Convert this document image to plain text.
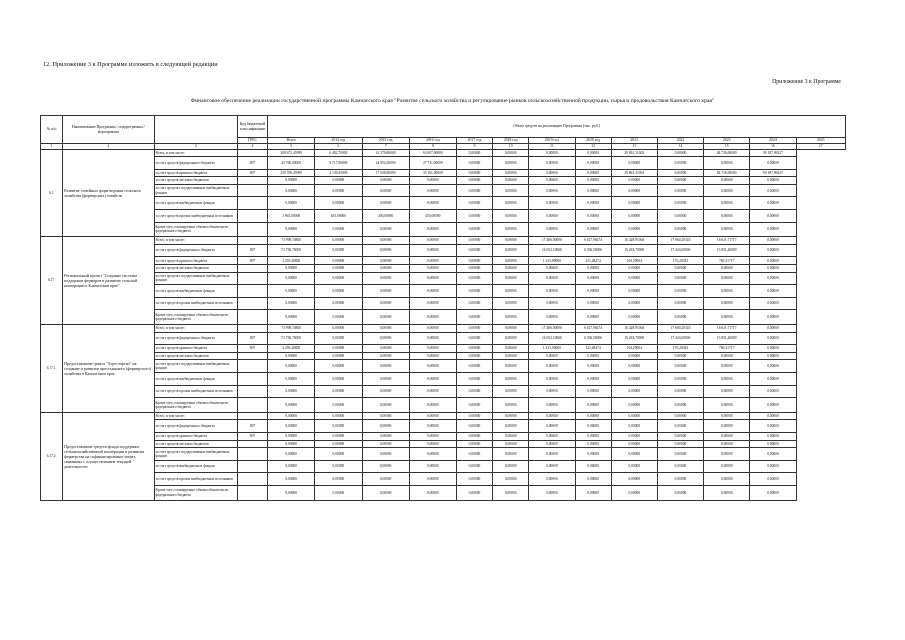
12. Приложение 3 к Программе изложить в следующей редакции
Приложение 3 к Программе
Финансовое обеспечение реализации государственной программы Камчатского края "Развитие сельского хозяйства и регулирование рынков сельскохозяйственной продукции, сырья и продовольствия Камчатского края"
№ п/п	Наименование Программы / подпрограммы / мероприятия		Код бюджетной классификации	Объем средств на реализацию Программы (тыс. руб.)												
			ГРБС	Всего	2014 год	2015 год	2016 год	2017 год	2018 год	2019 год	2020 год	2021	2022	2023	2024	2025
1	2	3	4	5	6	7	8	9	10	11	12	13	14	15	16	17
6.1.	Развитие семейных форм ведения сельского хозяйства (фермерских) хозяйств	Всего, в том числе:		309 672,45999	6 482,70000	41 579,80000	63 697,00000	0,00000	0,00000	0,00000	0,00000	29 861,31002	0,00000	84 726,00000	90 187,99227	
		за счет средств федерального бюджета	807	43 760,00000	3 717,00000	24 852,00000	27 711,00000	0,00000	0,00000	0,00000	0,00000	0,00000	0,00000	0,00000	0,00000	
		за счет средств краевого бюджета	807	250 706,45999	2 130,45000	17 928,80000	35 161,00000	0,00000	0,00000	0,00000	0,00000	29 861,31002	0,00000	84 726,00000	90 187,99227	
		за счет средств местных бюджетов		0,00000	0,00000	0,00000	0,00000	0,00000	0,00000	0,00000	0,00000	0,00000	0,00000	0,00000	0,00000	
		за счет средств государственных внебюджетных фондов		0,00000	0,00000	0,00000	0,00000	0,00000	0,00000	0,00000	0,00000	0,00000	0,00000	0,00000	0,00000	
		за счет средств внебюджетных фондов		0,00000	0,00000	0,00000	0,00000	0,00000	0,00000	0,00000	0,00000	0,00000	0,00000	0,00000	0,00000	
		за счет средств прочих внебюджетных источников		1 965,00000	635,00000	400,00000	450,00000	0,00000	0,00000	0,00000	0,00000	0,00000	0,00000	0,00000	0,00000	
		Кроме того, планируемые объемы обязательств федерального бюджета		0,00000	0,00000	0,00000	0,00000	0,00000	0,00000	0,00000	0,00000	0,00000	0,00000	0,00000	0,00000	
6.17.	Региональный проект "Создание системы поддержки фермеров и развитие сельской кооперации в Камчатском крае"	Всего, в том числе:		73 998,10800	0,00000	0,00000	0,00000	0,00000	0,00000	17 466,00000	6 627,98474	16 428,91004	17 860,20343	16 611,71717	0,00000	
		за счет средств федерального бюджета	807	71 738,70000	0,00000	0,00000	0,00000	0,00000	0,00000	16 052,10000	6 306,50000	16 263,70000	17 424,00000	15 851,40000	0,00000	
		за счет средств краевого бюджета	807	2 259,40800	0,00000	0,00000	0,00000	0,00000	0,00000	1 413,90000	321,48474	164,29004	176,20343	760,31717	0,00000	
		за счет средств местных бюджетов		0,00000	0,00000	0,00000	0,00000	0,00000	0,00000	0,00000	0,00000	0,00000	0,00000	0,00000	0,00000	
		за счет средств государственных внебюджетных фондов		0,00000	0,00000	0,00000	0,00000	0,00000	0,00000	0,00000	0,00000	0,00000	0,00000	0,00000	0,00000	
		за счет средств внебюджетных фондов		0,00000	0,00000	0,00000	0,00000	0,00000	0,00000	0,00000	0,00000	0,00000	0,00000	0,00000	0,00000	
		за счет средств прочих внебюджетных источников		0,00000	0,00000	0,00000	0,00000	0,00000	0,00000	0,00000	0,00000	0,00000	0,00000	0,00000	0,00000	
		Кроме того, планируемые объемы обязательств федерального бюджета		0,00000	0,00000	0,00000	0,00000	0,00000	0,00000	0,00000	0,00000	0,00000	0,00000	0,00000	0,00000	
6.17.1.	Предоставление гранта "Агростартап" на создание и развитие крестьянского (фермерского) хозяйства в Камчатском крае	Всего, в том числе:		73 998,10800	0,00000	0,00000	0,00000	0,00000	0,00000	17 466,00000	6 627,98474	16 428,91004	17 600,20343	16 611,71717	0,00000	
		за счет средств федерального бюджета	807	71 738,70000	0,00000	0,00000	0,00000	0,00000	0,00000	16 052,10000	6 306,50000	16 263,70000	17 424,00000	15 851,40000	0,00000	
		за счет средств краевого бюджета	807	2 259,40800	0,00000	0,00000	0,00000	0,00000	0,00000	1 413,90000	321,48474	164,29004	176,20343	760,31717	0,00000	
		за счет средств местных бюджетов		0,00000	0,00000	0,00000	0,00000	0,00000	0,00000	0,00000	0,00000	0,00000	0,00000	0,00000	0,00000	
		за счет средств государственных внебюджетных фондов		0,00000	0,00000	0,00000	0,00000	0,00000	0,00000	0,00000	0,00000	0,00000	0,00000	0,00000	0,00000	
		за счет средств внебюджетных фондов		0,00000	0,00000	0,00000	0,00000	0,00000	0,00000	0,00000	0,00000	0,00000	0,00000	0,00000	0,00000	
		за счет средств прочих внебюджетных источников		0,00000	0,00000	0,00000	0,00000	0,00000	0,00000	0,00000	0,00000	0,00000	0,00000	0,00000	0,00000	
		Кроме того, планируемые объемы обязательств федерального бюджета		0,00000	0,00000	0,00000	0,00000	0,00000	0,00000	0,00000	0,00000	0,00000	0,00000	0,00000	0,00000	
6.17.2.	Предоставление средств фонда поддержки сельскохозяйственной кооперации и развития фермерства на софинансирование затрат, связанных с осуществлением текущей деятельности	Всего, в том числе:		0,00000	0,00000	0,00000	0,00000	0,00000	0,00000	0,00000	0,00000	0,00000	0,00000	0,00000	0,00000	
		за счет средств федерального бюджета	807	0,00000	0,00000	0,00000	0,00000	0,00000	0,00000	0,00000	0,00000	0,00000	0,00000	0,00000	0,00000	
		за счет средств краевого бюджета	807	0,00000	0,00000	0,00000	0,00000	0,00000	0,00000	0,00000	0,00000	0,00000	0,00000	0,00000	0,00000	
		за счет средств местных бюджетов		0,00000	0,00000	0,00000	0,00000	0,00000	0,00000	0,00000	0,00000	0,00000	0,00000	0,00000	0,00000	
		за счет средств государственных внебюджетных фондов		0,00000	0,00000	0,00000	0,00000	0,00000	0,00000	0,00000	0,00000	0,00000	0,00000	0,00000	0,00000	
		за счет средств внебюджетных фондов		0,00000	0,00000	0,00000	0,00000	0,00000	0,00000	0,00000	0,00000	0,00000	0,00000	0,00000	0,00000	
		за счет средств прочих внебюджетных источников		0,00000	0,00000	0,00000	0,00000	0,00000	0,00000	0,00000	0,00000	0,00000	0,00000	0,00000	0,00000	
		Кроме того, планируемые объемы обязательств федерального бюджета		0,00000	0,00000	0,00000	0,00000	0,00000	0,00000	0,00000	0,00000	0,00000	0,00000	0,00000	0,00000	
